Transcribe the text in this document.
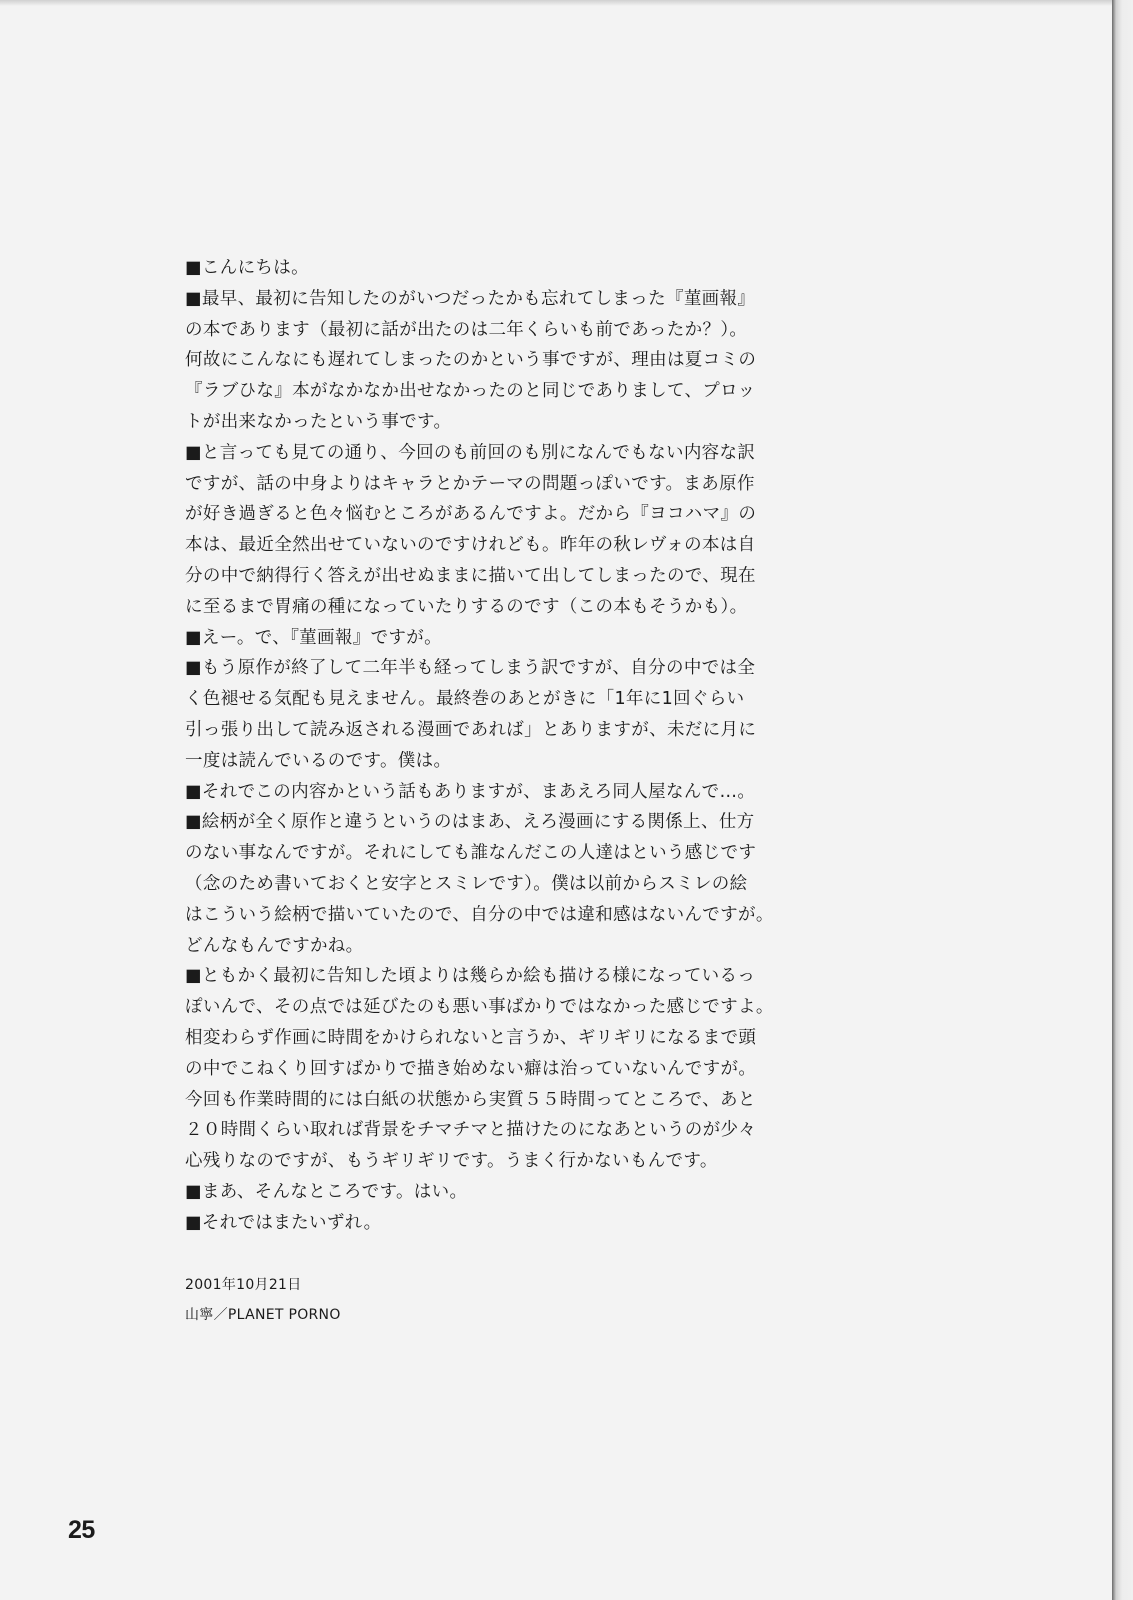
■こんにちは。
■最早、最初に告知したのがいつだったかも忘れてしまった『菫画報』
の本であります（最初に話が出たのは二年くらいも前であったか？）。
何故にこんなにも遅れてしまったのかという事ですが、理由は夏コミの
『ラブひな』本がなかなか出せなかったのと同じでありまして、プロッ
トが出来なかったという事です。
■と言っても見ての通り、今回のも前回のも別になんでもない内容な訳
ですが、話の中身よりはキャラとかテーマの問題っぽいです。まあ原作
が好き過ぎると色々悩むところがあるんですよ。だから『ヨコハマ』の
本は、最近全然出せていないのですけれども。昨年の秋レヴォの本は自
分の中で納得行く答えが出せぬままに描いて出してしまったので、現在
に至るまで胃痛の種になっていたりするのです（この本もそうかも）。
■えー。で、『菫画報』ですが。
■もう原作が終了して二年半も経ってしまう訳ですが、自分の中では全
く色褪せる気配も見えません。最終巻のあとがきに「1年に1回ぐらい
引っ張り出して読み返される漫画であれば」とありますが、未だに月に
一度は読んでいるのです。僕は。
■それでこの内容かという話もありますが、まあえろ同人屋なんで…。
■絵柄が全く原作と違うというのはまあ、えろ漫画にする関係上、仕方
のない事なんですが。それにしても誰なんだこの人達はという感じです
（念のため書いておくと安字とスミレです）。僕は以前からスミレの絵
はこういう絵柄で描いていたので、自分の中では違和感はないんですが。
どんなもんですかね。
■ともかく最初に告知した頃よりは幾らか絵も描ける様になっているっ
ぽいんで、その点では延びたのも悪い事ばかりではなかった感じですよ。
相変わらず作画に時間をかけられないと言うか、ギリギリになるまで頭
の中でこねくり回すばかりで描き始めない癖は治っていないんですが。
今回も作業時間的には白紙の状態から実質５５時間ってところで、あと
２０時間くらい取れば背景をチマチマと描けたのになあというのが少々
心残りなのですが、もうギリギリです。うまく行かないもんです。
■まあ、そんなところです。はい。
■それではまたいずれ。
2001年10月21日
山寧／PLANET PORNO
25
